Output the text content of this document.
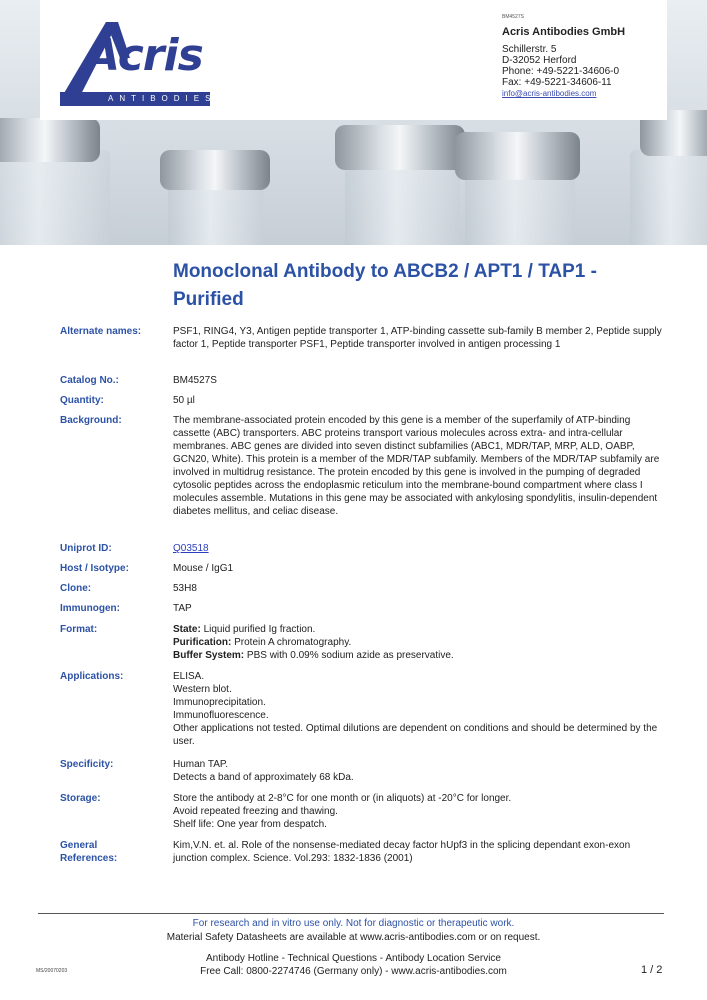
Acris
ANTIBODIES
BM4527S
Acris Antibodies GmbH
Schillerstr. 5
D-32052 Herford
Phone: +49-5221-34606-0
Fax: +49-5221-34606-11
info@acris-antibodies.com
Monoclonal Antibody to ABCB2 / APT1 / TAP1 - Purified
Alternate names:	PSF1, RING4, Y3, Antigen peptide transporter 1, ATP-binding cassette sub-family B member 2, Peptide supply factor 1, Peptide transporter PSF1, Peptide transporter involved in antigen processing 1
Catalog No.:	BM4527S
Quantity:	50 µl
Background:	The membrane-associated protein encoded by this gene is a member of the superfamily of ATP-binding cassette (ABC) transporters. ABC proteins transport various molecules across extra- and intra-cellular membranes. ABC genes are divided into seven distinct subfamilies (ABC1, MDR/TAP, MRP, ALD, OABP, GCN20, White). This protein is a member of the MDR/TAP subfamily. Members of the MDR/TAP subfamily are involved in multidrug resistance. The protein encoded by this gene is involved in the pumping of degraded cytosolic peptides across the endoplasmic reticulum into the membrane-bound compartment where class I molecules assemble. Mutations in this gene may be associated with ankylosing spondylitis, insulin-dependent diabetes mellitus, and celiac disease.
Uniprot ID:	Q03518
Host / Isotype:	Mouse / IgG1
Clone:	53H8
Immunogen:	TAP
Format:	State: Liquid purified Ig fraction.
Purification: Protein A chromatography.
Buffer System: PBS with 0.09% sodium azide as preservative.
Applications:	ELISA.
Western blot.
Immunoprecipitation.
Immunofluorescence.
Other applications not tested. Optimal dilutions are dependent on conditions and should be determined by the user.
Specificity:	Human TAP.
Detects a band of approximately 68 kDa.
Storage:	Store the antibody at 2-8°C for one month or (in aliquots) at -20°C for longer.
Avoid repeated freezing and thawing.
Shelf life: One year from despatch.
General
References:
Kim,V.N. et. al. Role of the nonsense-mediated decay factor hUpf3 in the splicing dependant exon-exon junction complex. Science. Vol.293: 1832-1836 (2001)
For research and in vitro use only. Not for diagnostic or therapeutic work.
Material Safety Datasheets are available at www.acris-antibodies.com or on request.
Antibody Hotline - Technical Questions - Antibody Location Service
Free Call: 0800-2274746 (Germany only) - www.acris-antibodies.com
MS/20070203	1 / 2
